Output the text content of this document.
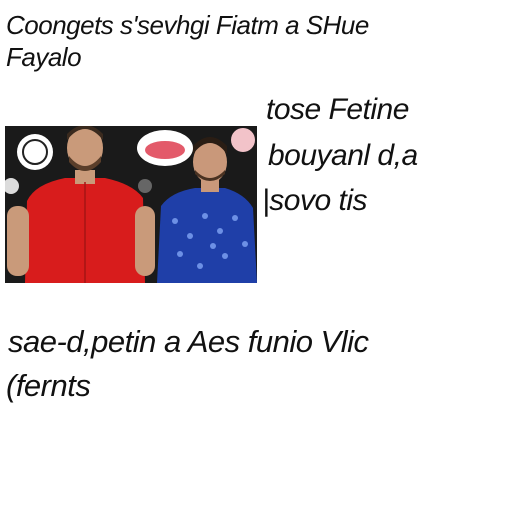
Coongets s'sevhgi Fiatm a SHue
Fayalo
tose Fetine
bouyanl d,a
|sovo tis
sae-d,petin a Aes funio Vlic
(fernts
